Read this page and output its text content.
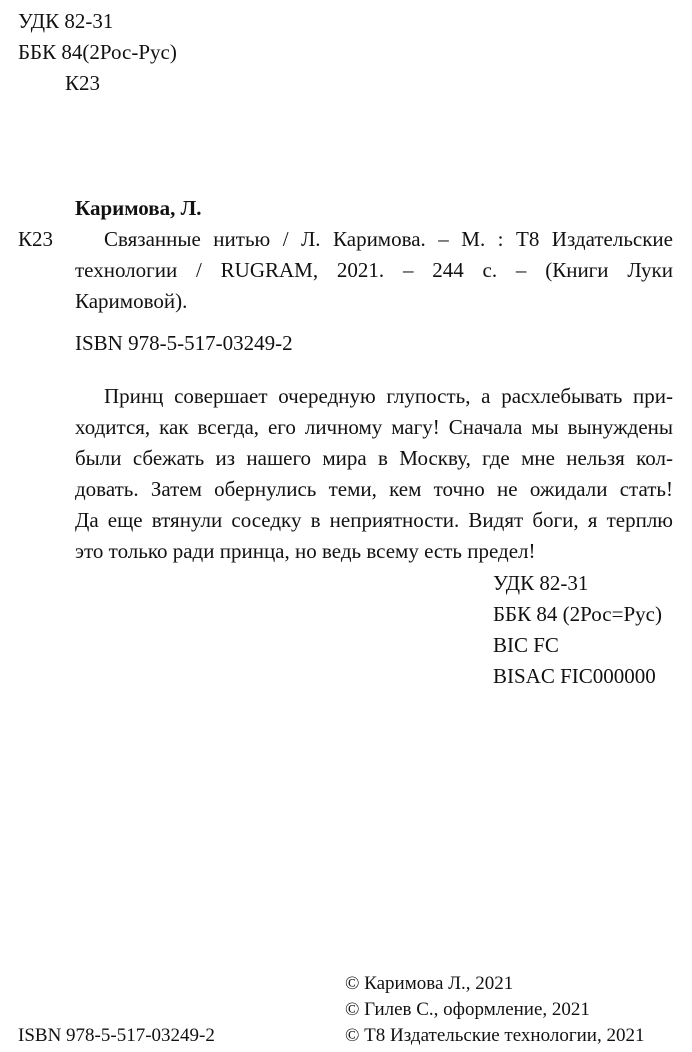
УДК 82-31
ББК 84(2Рос-Рус)
К23
Каримова, Л.
К23	Связанные нитью / Л. Каримова. – М. : Т8 Издательские
технологии / RUGRAM, 2021. – 244 с. – (Книги Луки
Каримовой).
ISBN 978-5-517-03249-2
Принц совершает очередную глупость, а расхлебывать при-
ходится, как всегда, его личному магу! Сначала мы вынуждены
были сбежать из нашего мира в Москву, где мне нельзя кол-
довать. Затем обернулись теми, кем точно не ожидали стать!
Да еще втянули соседку в неприятности. Видят боги, я терплю
это только ради принца, но ведь всему есть предел!
УДК 82-31
ББК 84 (2Рос=Рус)
BIC FC
BISAC FIC000000
© Каримова Л., 2021
© Гилев С., оформление, 2021
© Т8 Издательские технологии, 2021
ISBN 978-5-517-03249-2
